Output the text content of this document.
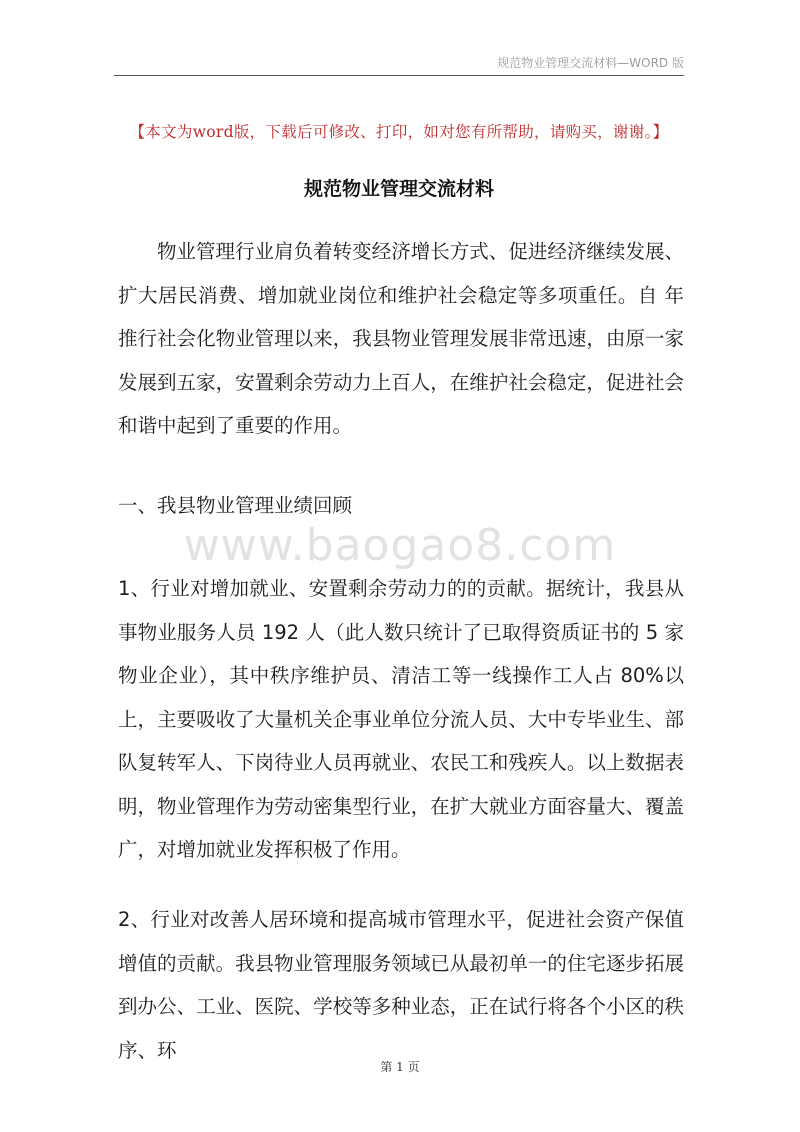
规范物业管理交流材料—WORD 版
【本文为word版，下载后可修改、打印，如对您有所帮助，请购买，谢谢。】
规范物业管理交流材料

物业管理行业肩负着转变经济增长方式、促进经济继续发展、扩大居民消费、增加就业岗位和维护社会稳定等多项重任。自 年推行社会化物业管理以来，我县物业管理发展非常迅速，由原一家发展到五家，安置剩余劳动力上百人，在维护社会稳定，促进社会和谐中起到了重要的作用。

一、我县物业管理业绩回顾

www.baogao8.com

1、行业对增加就业、安置剩余劳动力的的贡献。据统计，我县从事物业服务人员 192 人（此人数只统计了已取得资质证书的 5 家物业企业），其中秩序维护员、清洁工等一线操作工人占 80%以上，主要吸收了大量机关企事业单位分流人员、大中专毕业生、部队复转军人、下岗待业人员再就业、农民工和残疾人。以上数据表明，物业管理作为劳动密集型行业，在扩大就业方面容量大、覆盖广，对增加就业发挥积极了作用。

2、行业对改善人居环境和提高城市管理水平，促进社会资产保值增值的贡献。我县物业管理服务领域已从最初单一的住宅逐步拓展到办公、工业、医院、学校等多种业态，正在试行将各个小区的秩序、环

第 1 页
